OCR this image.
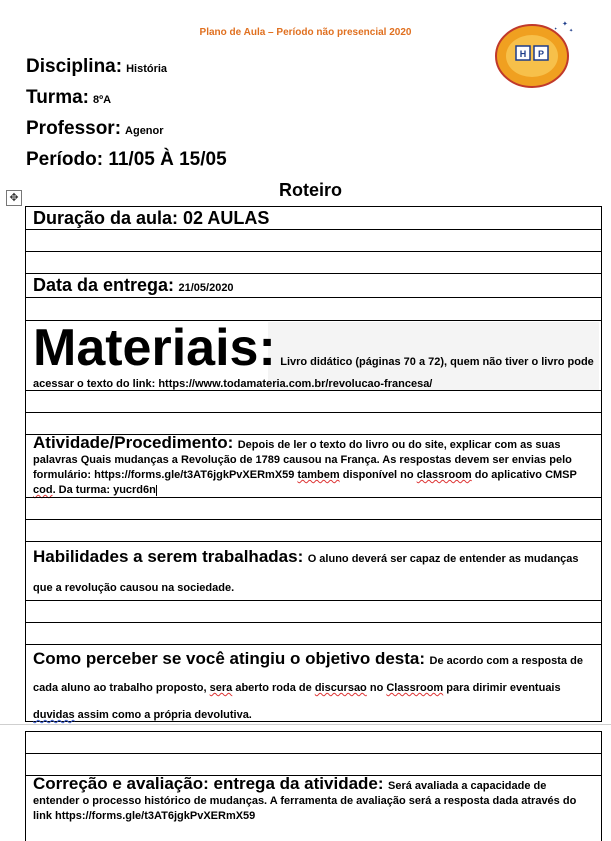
Plano de Aula – Período não presencial 2020
H P
✦
✦
✦
Disciplina: História
Turma: 8ºA
Professor: Agenor
Período: 11/05 À 15/05
✥	Roteiro
Duração da aula: 02 AULAS
Data da entrega: 21/05/2020
Materiais: Livro didático (páginas 70 a 72), quem não tiver o livro pode acessar o texto do link: https://www.todamateria.com.br/revolucao-francesa/
Atividade/Procedimento: Depois de ler o texto do livro ou do site, explicar com as suas palavras Quais mudanças a Revolução de 1789 causou na França. As respostas devem ser envias pelo formulário: https://forms.gle/t3AT6jgkPvXERmX59 tambem disponível no classroom do aplicativo CMSP cod. Da turma: yucrd6n
Habilidades a serem trabalhadas: O aluno deverá ser capaz de entender as mudanças que a revolução causou na sociedade.
Como perceber se você atingiu o objetivo desta: De acordo com a resposta de cada aluno ao trabalho proposto, sera aberto roda de discursao no Classroom para dirimir eventuais duvidas assim como a própria devolutiva.
Correção e avaliação: entrega da atividade: Será avaliada a capacidade de entender o processo histórico de mudanças. A ferramenta de avaliação será a resposta dada através do link https://forms.gle/t3AT6jgkPvXERmX59
